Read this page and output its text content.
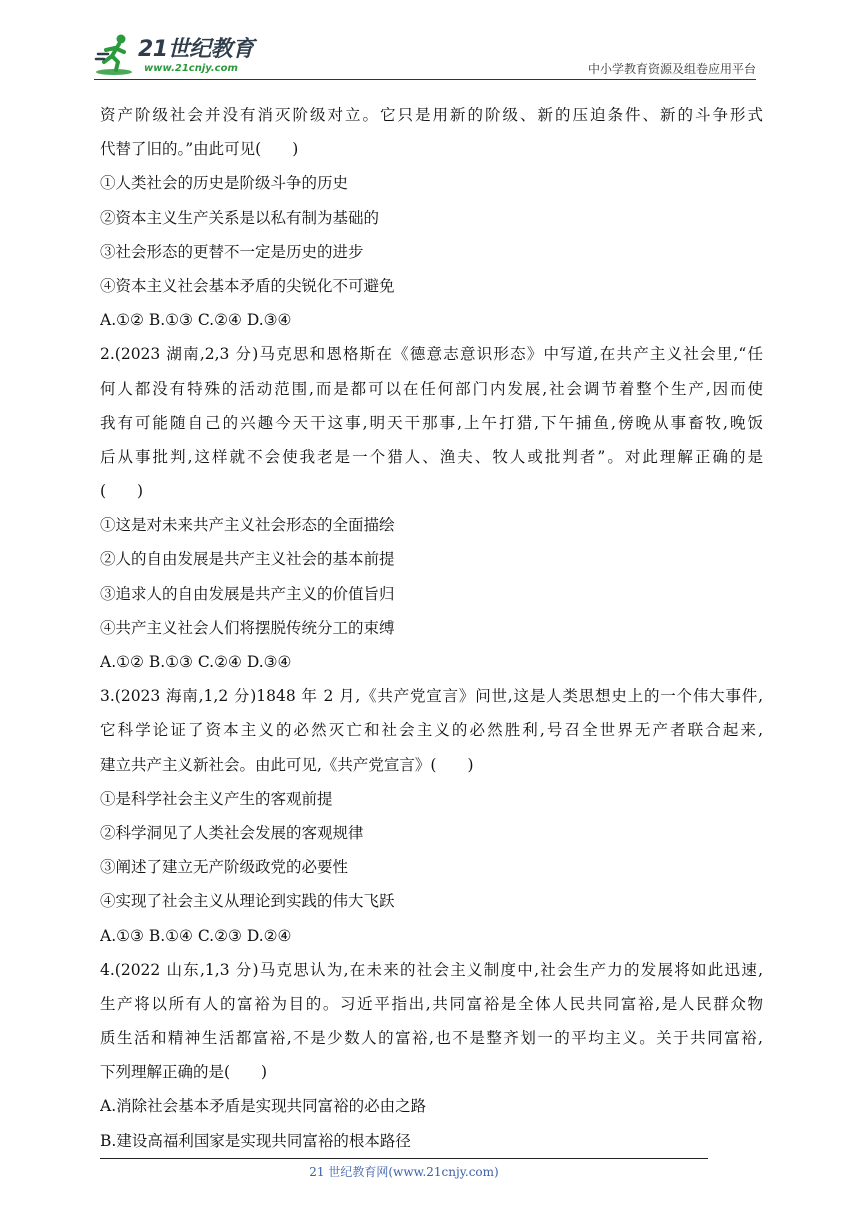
21世纪教育
www.21cnjy.com	中小学教育资源及组卷应用平台
资产阶级社会并没有消灭阶级对立。它只是用新的阶级、新的压迫条件、新的斗争形式
代替了旧的。”由此可见(　　)
①人类社会的历史是阶级斗争的历史
②资本主义生产关系是以私有制为基础的
③社会形态的更替不一定是历史的进步
④资本主义社会基本矛盾的尖锐化不可避免
A.①② B.①③ C.②④ D.③④
2.(2023 湖南,2,3 分)马克思和恩格斯在《德意志意识形态》中写道,在共产主义社会里,“任
何人都没有特殊的活动范围,而是都可以在任何部门内发展,社会调节着整个生产,因而使
我有可能随自己的兴趣今天干这事,明天干那事,上午打猎,下午捕鱼,傍晚从事畜牧,晚饭
后从事批判,这样就不会使我老是一个猎人、渔夫、牧人或批判者”。对此理解正确的是
(　　)
①这是对未来共产主义社会形态的全面描绘
②人的自由发展是共产主义社会的基本前提
③追求人的自由发展是共产主义的价值旨归
④共产主义社会人们将摆脱传统分工的束缚
A.①② B.①③ C.②④ D.③④
3.(2023 海南,1,2 分)1848 年 2 月,《共产党宣言》问世,这是人类思想史上的一个伟大事件,
它科学论证了资本主义的必然灭亡和社会主义的必然胜利,号召全世界无产者联合起来,
建立共产主义新社会。由此可见,《共产党宣言》(　　)
①是科学社会主义产生的客观前提
②科学洞见了人类社会发展的客观规律
③阐述了建立无产阶级政党的必要性
④实现了社会主义从理论到实践的伟大飞跃
A.①③ B.①④ C.②③ D.②④
4.(2022 山东,1,3 分)马克思认为,在未来的社会主义制度中,社会生产力的发展将如此迅速,
生产将以所有人的富裕为目的。习近平指出,共同富裕是全体人民共同富裕,是人民群众物
质生活和精神生活都富裕,不是少数人的富裕,也不是整齐划一的平均主义。关于共同富裕,
下列理解正确的是(　　)
A.消除社会基本矛盾是实现共同富裕的必由之路
B.建设高福利国家是实现共同富裕的根本路径
21 世纪教育网(www.21cnjy.com)
